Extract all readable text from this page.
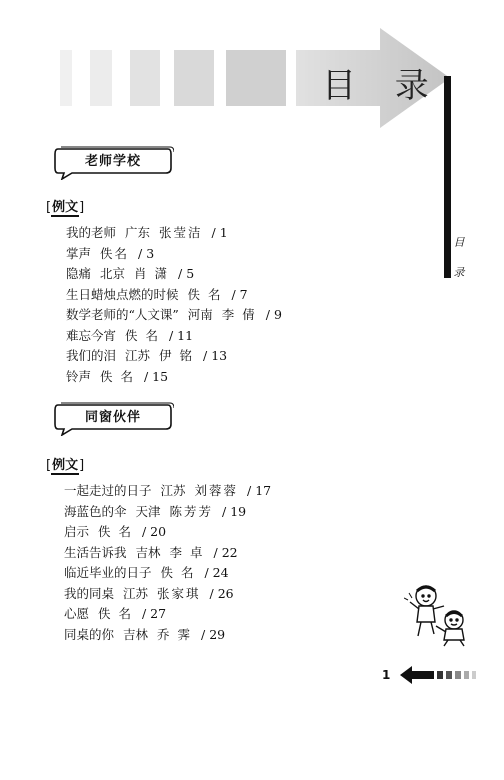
目 录
目
录
老师学校
[例文]
我的老师 广东 张莹洁 / 1
掌声 佚名 / 3
隐痛 北京 肖 潇 / 5
生日蜡烛点燃的时候 佚 名 / 7
数学老师的“人文课” 河南 李 倩 / 9
难忘今宵 佚 名 / 11
我们的泪 江苏 伊 铭 / 13
铃声 佚 名 / 15
同窗伙伴
[例文]
一起走过的日子 江苏 刘蓉蓉 / 17
海蓝色的伞 天津 陈芳芳 / 19
启示 佚 名 / 20
生活告诉我 吉林 李 卓 / 22
临近毕业的日子 佚 名 / 24
我的同桌 江苏 张家琪 / 26
心愿 佚 名 / 27
同桌的你 吉林 乔 霁 / 29
1
